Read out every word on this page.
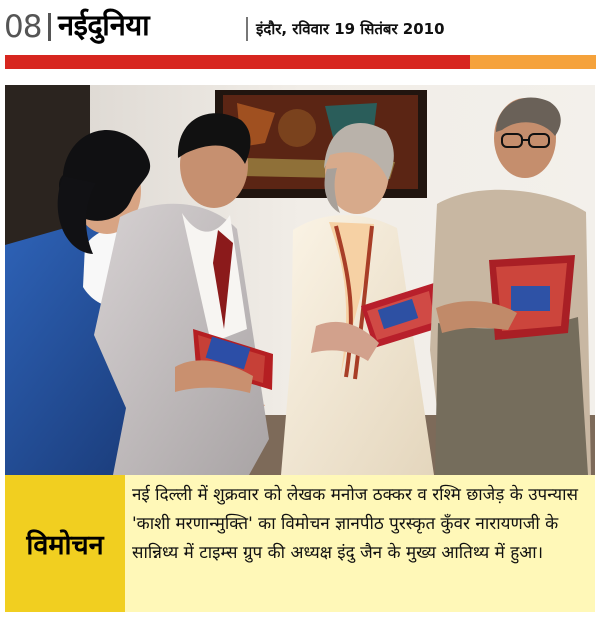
08 नईदुनिया	इंदौर, रविवार 19 सितंबर 2010
विमोचन
नई दिल्ली में शुक्रवार को लेखक मनोज ठक्कर व रश्मि छाजेड़ के उपन्यास 'काशी मरणान्मुक्ति' का विमोचन ज्ञानपीठ पुरस्कृत कुँवर नारायणजी के सान्निध्य में टाइम्स ग्रुप की अध्यक्ष इंदु जैन के मुख्य आतिथ्य में हुआ।
